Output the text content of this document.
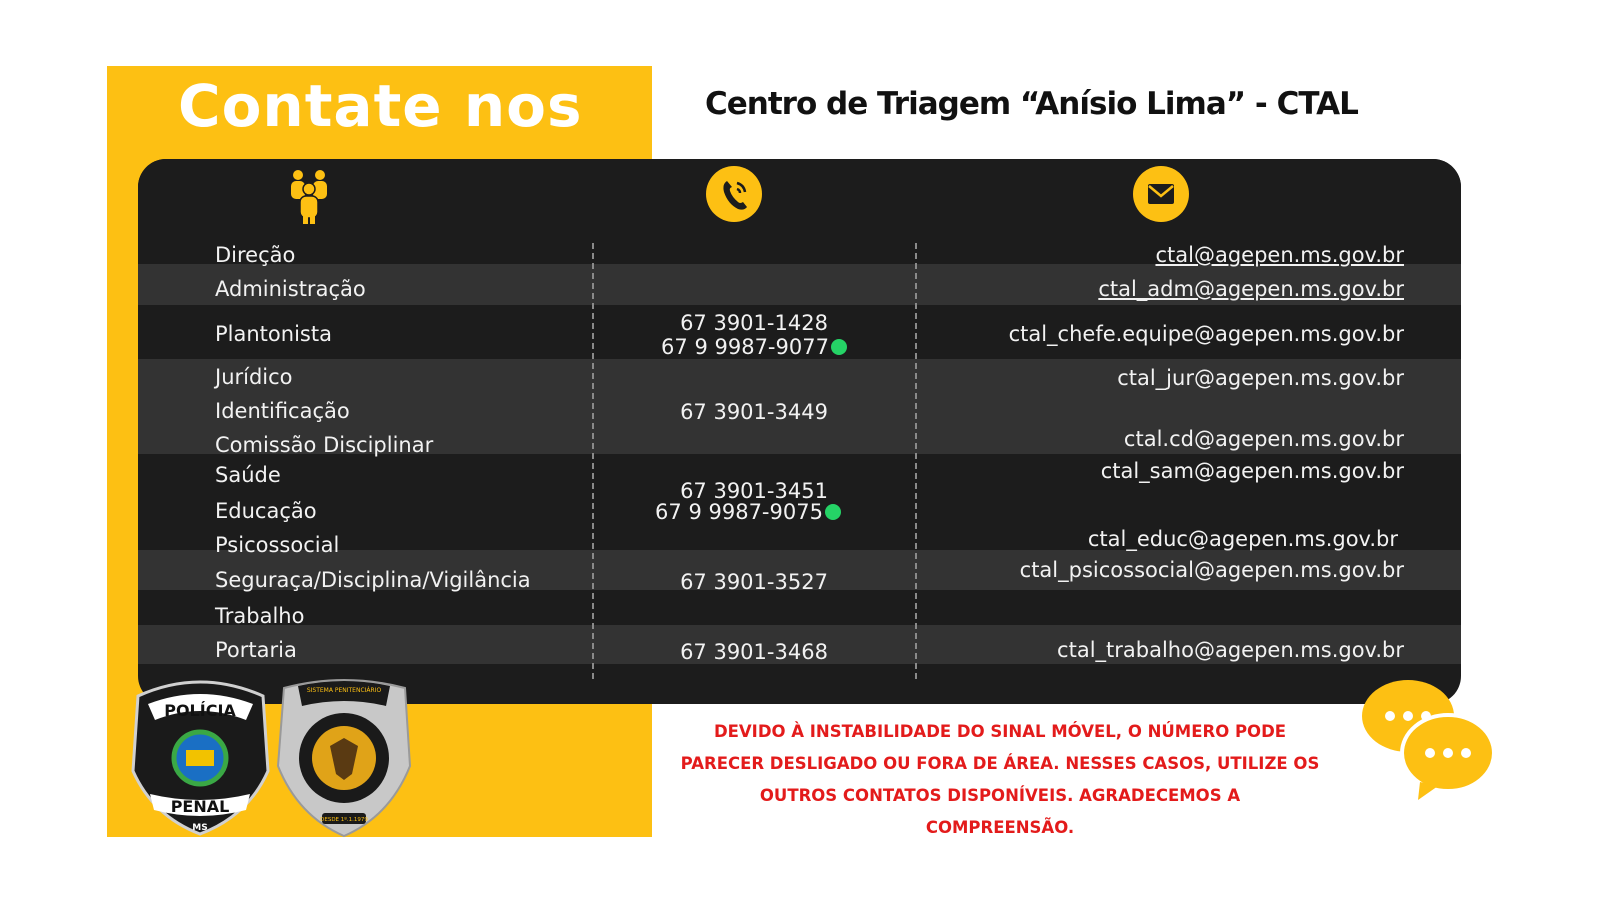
Contate nos	Centro de Triagem “Anísio Lima” - CTAL
Direção
Administração
Plantonista
Jurídico
Identificação
Comissão Disciplinar
Saúde
Educação
Psicossocial
Seguraça/Disciplina/Vigilância
Trabalho
Portaria
67 3901-1428
67 9 9987-9077
67 3901-3449
67 3901-3451
67 9 9987-9075
67 3901-3527
67 3901-3468
ctal@agepen.ms.gov.br
ctal_adm@agepen.ms.gov.br
ctal_chefe.equipe@agepen.ms.gov.br
ctal_jur@agepen.ms.gov.br
ctal.cd@agepen.ms.gov.br
ctal_sam@agepen.ms.gov.br
ctal_educ@agepen.ms.gov.br
ctal_psicossocial@agepen.ms.gov.br
ctal_trabalho@agepen.ms.gov.br
POLÍCIA
PENAL
MS
SISTEMA PENITENCIÁRIO
DESDE 1º.1.1979
DEVIDO À INSTABILIDADE DO SINAL MÓVEL, O NÚMERO PODE
PARECER DESLIGADO OU FORA DE ÁREA. NESSES CASOS, UTILIZE OS
OUTROS CONTATOS DISPONÍVEIS. AGRADECEMOS A
COMPREENSÃO.
